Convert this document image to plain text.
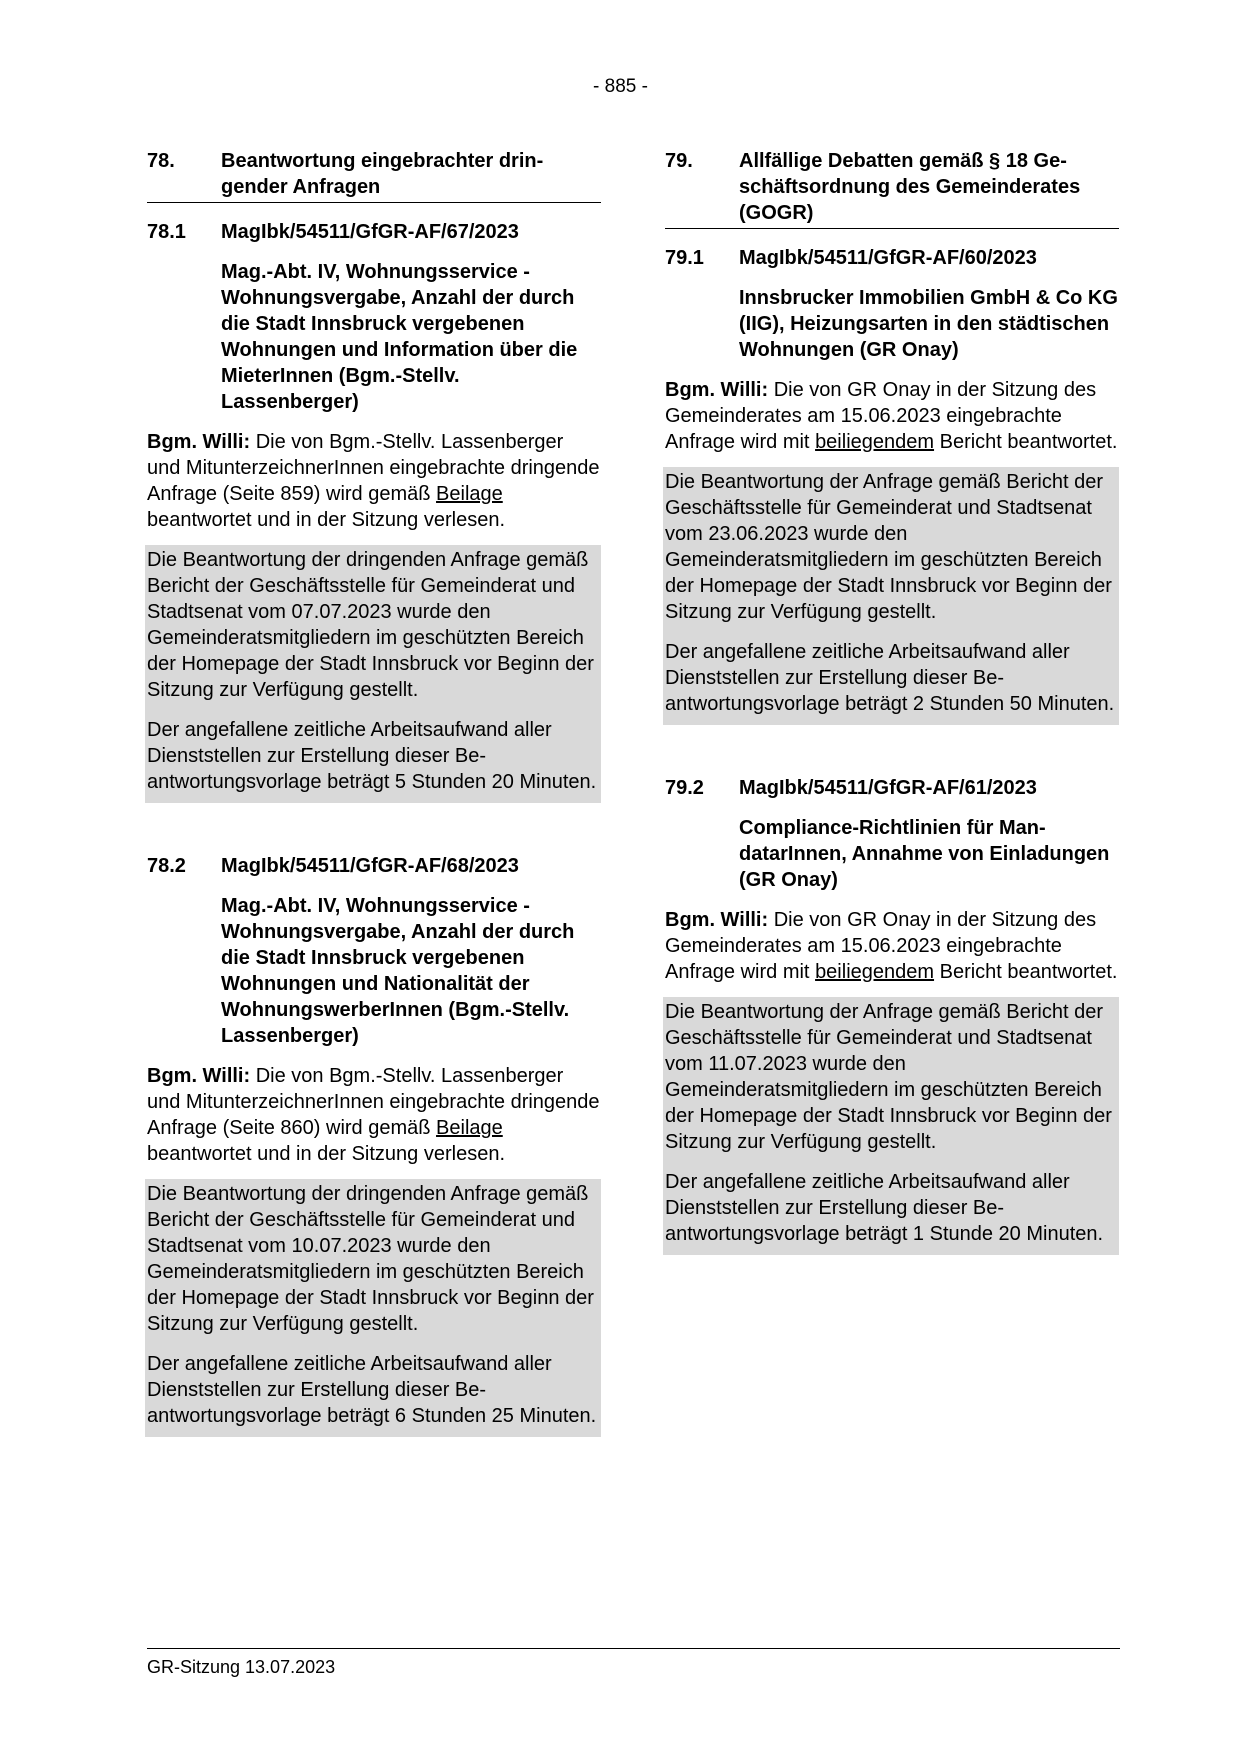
- 885 -
78.	Beantwortung eingebrachter dringender Anfragen
78.1	MagIbk/54511/GfGR-AF/67/2023
Mag.-Abt. IV, Wohnungsservice - Wohnungsvergabe, Anzahl der durch die Stadt Innsbruck vergebenen Wohnungen und Information über die MieterInnen (Bgm.-Stellv. Lassenberger)
Bgm. Willi: Die von Bgm.-Stellv. Lassenberger und MitunterzeichnerInnen eingebrachte dringende Anfrage (Seite 859) wird gemäß Beilage beantwortet und in der Sitzung verlesen.

Die Beantwortung der dringenden Anfrage gemäß Bericht der Geschäftsstelle für Gemeinderat und Stadtsenat vom 07.07.2023 wurde den Gemeinderatsmitgliedern im geschützten Bereich der Homepage der Stadt Innsbruck vor Beginn der Sitzung zur Verfügung gestellt.

Der angefallene zeitliche Arbeitsaufwand aller Dienststellen zur Erstellung dieser Beantwortungsvorlage beträgt 5 Stunden 20 Minuten.

78.2	MagIbk/54511/GfGR-AF/68/2023
Mag.-Abt. IV, Wohnungsservice - Wohnungsvergabe, Anzahl der durch die Stadt Innsbruck vergebenen Wohnungen und Nationalität der WohnungswerberInnen (Bgm.-Stellv. Lassenberger)
Bgm. Willi: Die von Bgm.-Stellv. Lassenberger und MitunterzeichnerInnen eingebrachte dringende Anfrage (Seite 860) wird gemäß Beilage beantwortet und in der Sitzung verlesen.

Die Beantwortung der dringenden Anfrage gemäß Bericht der Geschäftsstelle für Gemeinderat und Stadtsenat vom 10.07.2023 wurde den Gemeinderatsmitgliedern im geschützten Bereich der Homepage der Stadt Innsbruck vor Beginn der Sitzung zur Verfügung gestellt.

Der angefallene zeitliche Arbeitsaufwand aller Dienststellen zur Erstellung dieser Beantwortungsvorlage beträgt 6 Stunden 25 Minuten.

79.	Allfällige Debatten gemäß § 18 Geschäftsordnung des Gemeinderates (GOGR)
79.1	MagIbk/54511/GfGR-AF/60/2023
Innsbrucker Immobilien GmbH & Co KG (IIG), Heizungsarten in den städtischen Wohnungen (GR Onay)
Bgm. Willi: Die von GR Onay in der Sitzung des Gemeinderates am 15.06.2023 eingebrachte Anfrage wird mit beiliegendem Bericht beantwortet.

Die Beantwortung der Anfrage gemäß Bericht der Geschäftsstelle für Gemeinderat und Stadtsenat vom 23.06.2023 wurde den Gemeinderatsmitgliedern im geschützten Bereich der Homepage der Stadt Innsbruck vor Beginn der Sitzung zur Verfügung gestellt.

Der angefallene zeitliche Arbeitsaufwand aller Dienststellen zur Erstellung dieser Beantwortungsvorlage beträgt 2 Stunden 50 Minuten.

79.2	MagIbk/54511/GfGR-AF/61/2023
Compliance-Richtlinien für MandatarInnen, Annahme von Einladungen (GR Onay)
Bgm. Willi: Die von GR Onay in der Sitzung des Gemeinderates am 15.06.2023 eingebrachte Anfrage wird mit beiliegendem Bericht beantwortet.

Die Beantwortung der Anfrage gemäß Bericht der Geschäftsstelle für Gemeinderat und Stadtsenat vom 11.07.2023 wurde den Gemeinderatsmitgliedern im geschützten Bereich der Homepage der Stadt Innsbruck vor Beginn der Sitzung zur Verfügung gestellt.

Der angefallene zeitliche Arbeitsaufwand aller Dienststellen zur Erstellung dieser Beantwortungsvorlage beträgt 1 Stunde 20 Minuten.

GR-Sitzung 13.07.2023
